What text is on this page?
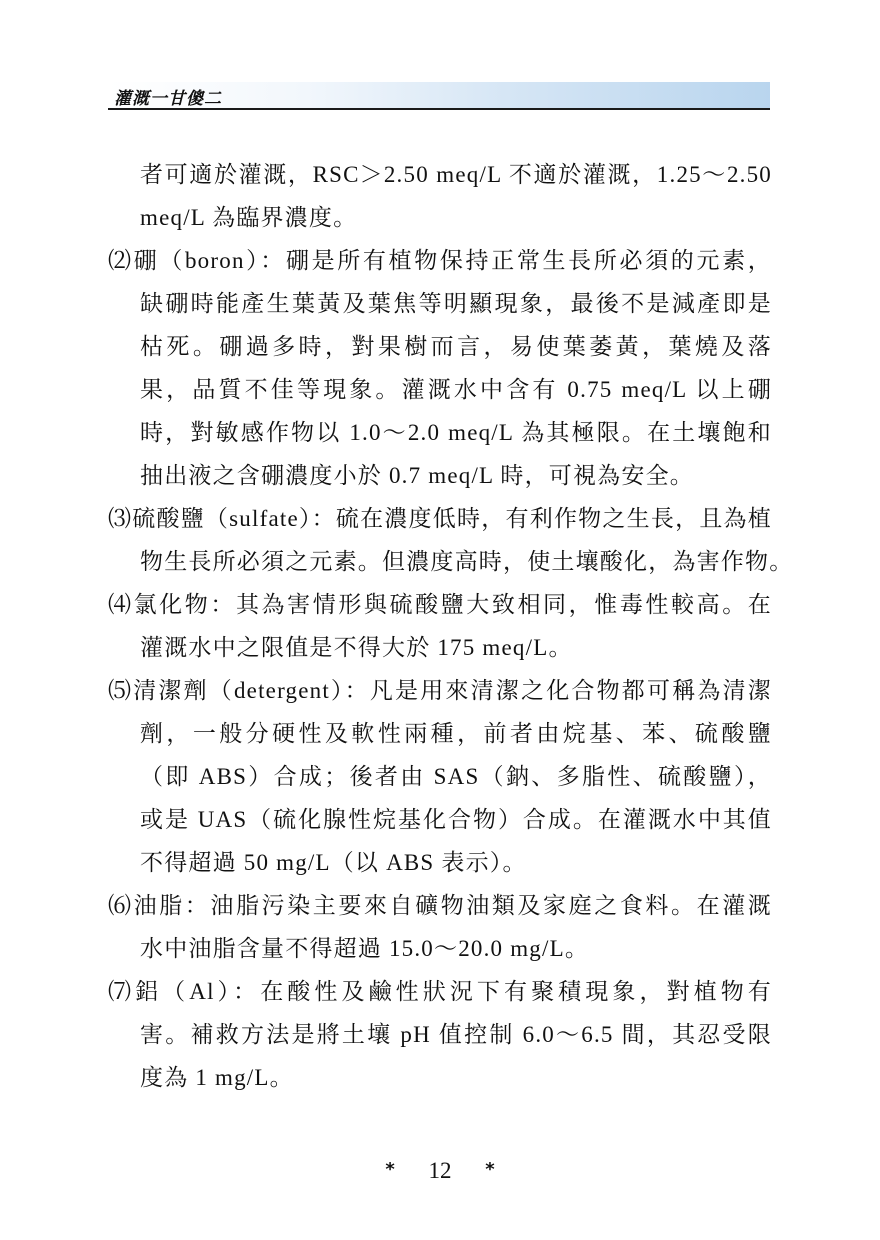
灌溉一甘傻二
者可適於灌溉，RSC＞2.50 meq/L 不適於灌溉，1.25～2.50
meq/L 為臨界濃度。
⑵硼（boron）：硼是所有植物保持正常生長所必須的元素，
缺硼時能產生葉黃及葉焦等明顯現象，最後不是減產即是
枯死。硼過多時，對果樹而言，易使葉萎黃，葉燒及落
果，品質不佳等現象。灌溉水中含有 0.75 meq/L 以上硼
時，對敏感作物以 1.0～2.0 meq/L 為其極限。在土壤飽和
抽出液之含硼濃度小於 0.7 meq/L 時，可視為安全。
⑶硫酸鹽（sulfate）：硫在濃度低時，有利作物之生長，且為植
物生長所必須之元素。但濃度高時，使土壤酸化，為害作物。
⑷氯化物：其為害情形與硫酸鹽大致相同，惟毒性較高。在
灌溉水中之限值是不得大於 175 meq/L。
⑸清潔劑（detergent）：凡是用來清潔之化合物都可稱為清潔
劑，一般分硬性及軟性兩種，前者由烷基、苯、硫酸鹽
（即 ABS）合成；後者由 SAS（鈉、多脂性、硫酸鹽），
或是 UAS（硫化腺性烷基化合物）合成。在灌溉水中其值
不得超過 50 mg/L（以 ABS 表示）。
⑹油脂：油脂污染主要來自礦物油類及家庭之食料。在灌溉
水中油脂含量不得超過 15.0～20.0 mg/L。
⑺鋁（Al）：在酸性及鹼性狀況下有聚積現象，對植物有
害。補救方法是將土壤 pH 值控制 6.0～6.5 間，其忍受限
度為 1 mg/L。
* 12 *
